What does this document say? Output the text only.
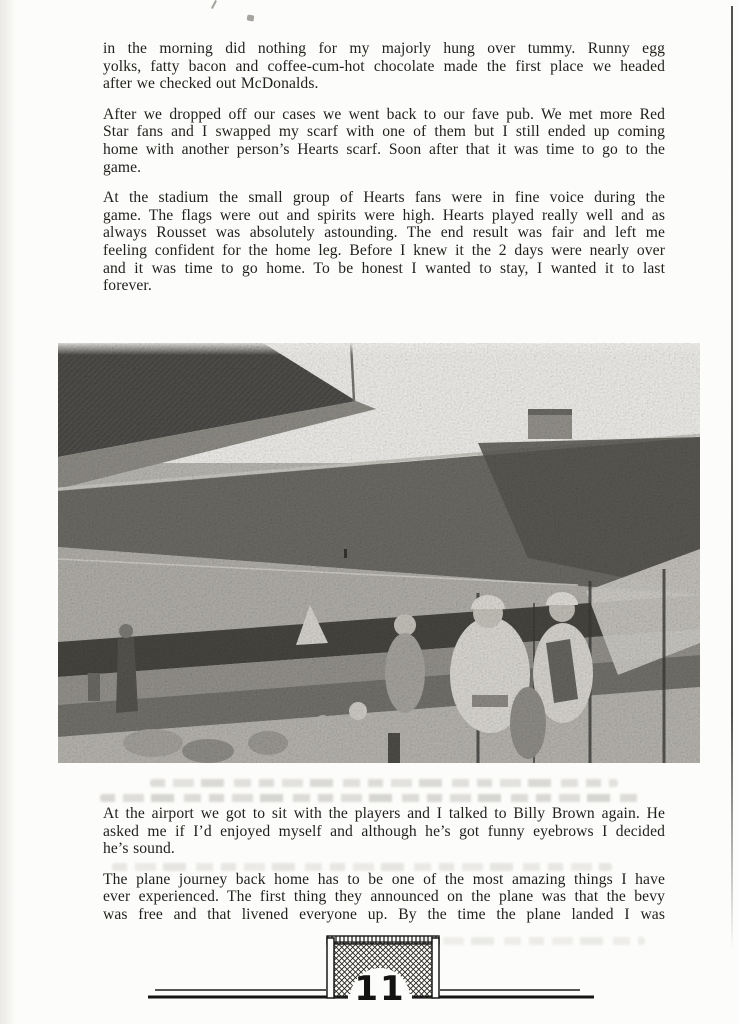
in the morning did nothing for my majorly hung over tummy. Runny egg
yolks, fatty bacon and coffee-cum-hot chocolate made the first place we headed
after we checked out McDonalds.
After we dropped off our cases we went back to our fave pub. We met more Red
Star fans and I swapped my scarf with one of them but I still ended up coming
home with another person’s Hearts scarf. Soon after that it was time to go to the
game.
At the stadium the small group of Hearts fans were in fine voice during the
game. The flags were out and spirits were high. Hearts played really well and as
always Rousset was absolutely astounding. The end result was fair and left me
feeling confident for the home leg. Before I knew it the 2 days were nearly over
and it was time to go home. To be honest I wanted to stay, I wanted it to last
forever.
At the airport we got to sit with the players and I talked to Billy Brown again. He
asked me if I’d enjoyed myself and although he’s got funny eyebrows I decided
he’s sound.
The plane journey back home has to be one of the most amazing things I have
ever experienced. The first thing they announced on the plane was that the bevy
was free and that livened everyone up. By the time the plane landed I was
11
